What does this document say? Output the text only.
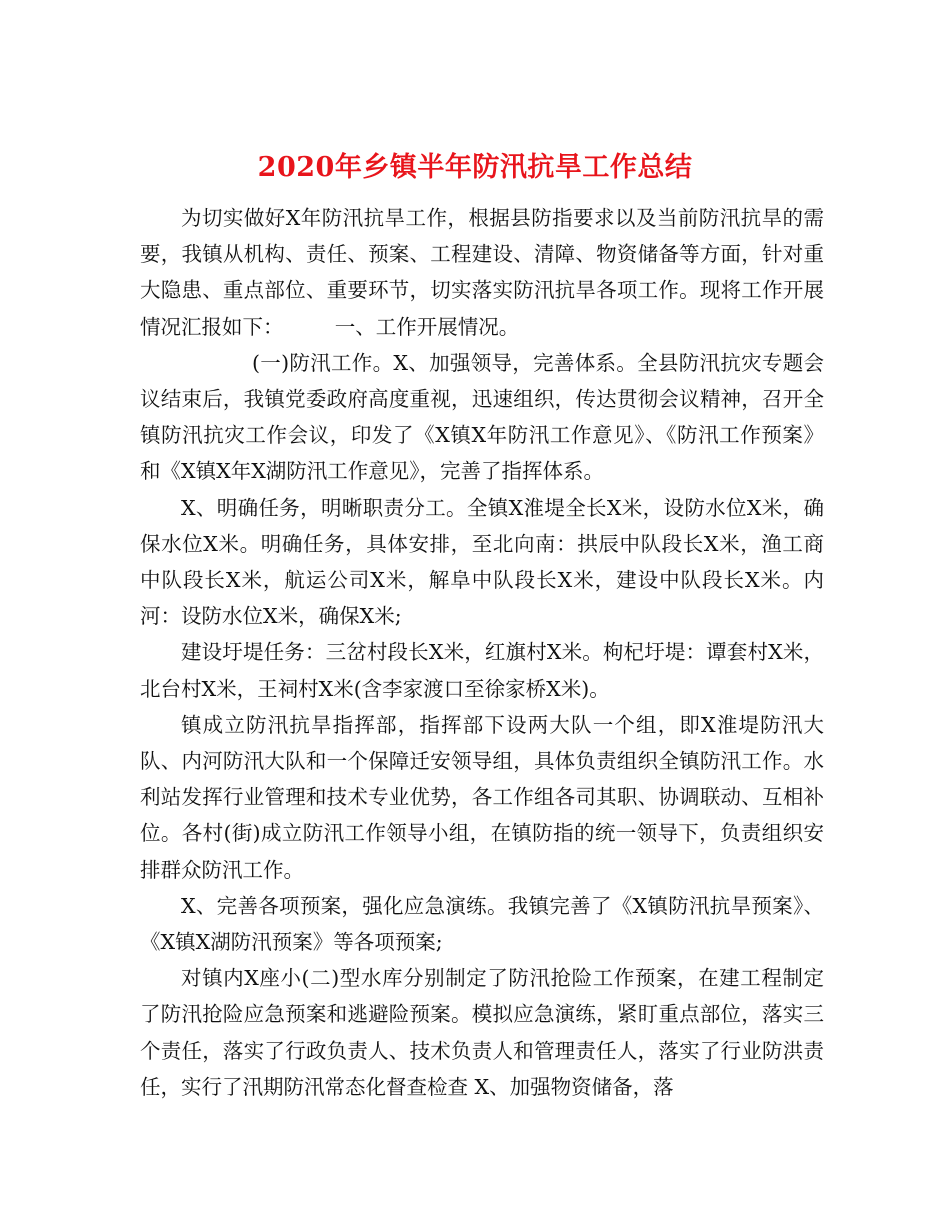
2020年乡镇半年防汛抗旱工作总结

为切实做好X年防汛抗旱工作，根据县防指要求以及当前防汛抗旱的需要，我镇从机构、责任、预案、工程建设、清障、物资储备等方面，针对重大隐患、重点部位、重要环节，切实落实防汛抗旱各项工作。现将工作开展情况汇报如下：　　　一、工作开展情况。

(一)防汛工作。X、加强领导，完善体系。全县防汛抗灾专题会议结束后，我镇党委政府高度重视，迅速组织，传达贯彻会议精神，召开全镇防汛抗灾工作会议，印发了《X镇X年防汛工作意见》、《防汛工作预案》和《X镇X年X湖防汛工作意见》，完善了指挥体系。

X、明确任务，明晰职责分工。全镇X淮堤全长X米，设防水位X米，确保水位X米。明确任务，具体安排，至北向南：拱辰中队段长X米，渔工商中队段长X米，航运公司X米，解阜中队段长X米，建设中队段长X米。内河：设防水位X米，确保X米;

建设圩堤任务：三岔村段长X米，红旗村X米。枸杞圩堤：谭套村X米，北台村X米，王祠村X米(含李家渡口至徐家桥X米)。

镇成立防汛抗旱指挥部，指挥部下设两大队一个组，即X淮堤防汛大队、内河防汛大队和一个保障迁安领导组，具体负责组织全镇防汛工作。水利站发挥行业管理和技术专业优势，各工作组各司其职、协调联动、互相补位。各村(街)成立防汛工作领导小组，在镇防指的统一领导下，负责组织安排群众防汛工作。

X、完善各项预案，强化应急演练。我镇完善了《X镇防汛抗旱预案》、《X镇X湖防汛预案》等各项预案;

对镇内X座小(二)型水库分别制定了防汛抢险工作预案，在建工程制定了防汛抢险应急预案和逃避险预案。模拟应急演练，紧盯重点部位，落实三个责任，落实了行政负责人、技术负责人和管理责任人，落实了行业防洪责任，实行了汛期防汛常态化督查检查 X、加强物资储备，落
